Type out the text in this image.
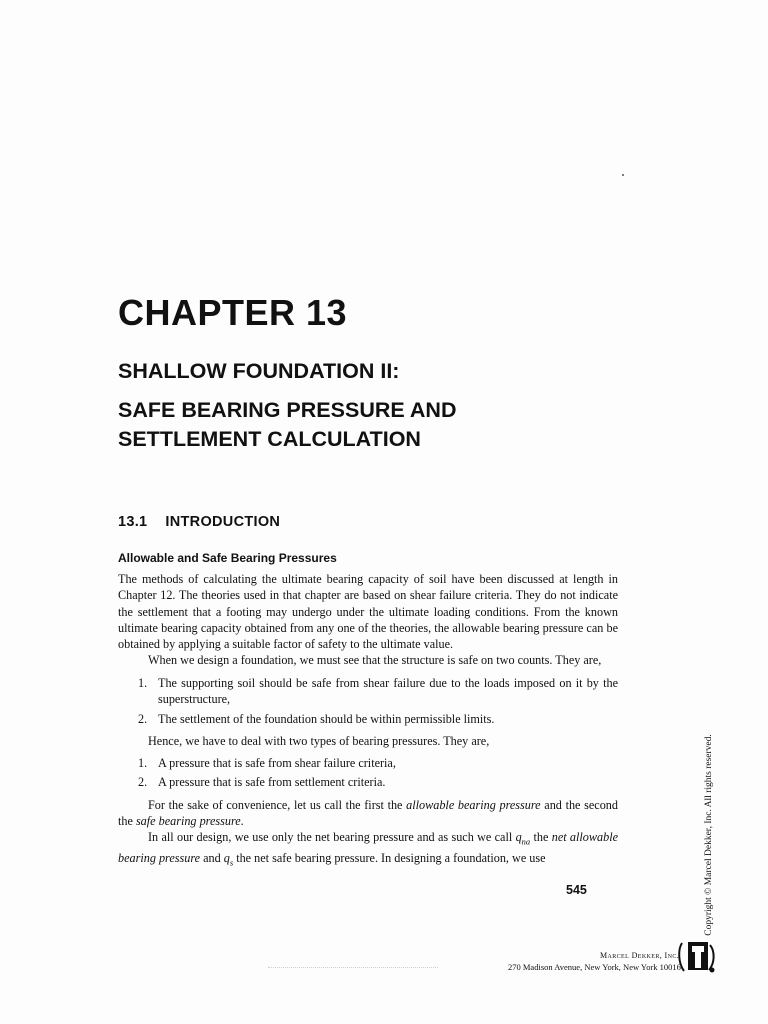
CHAPTER 13
SHALLOW FOUNDATION II:
SAFE BEARING PRESSURE AND
SETTLEMENT CALCULATION
13.1 INTRODUCTION
Allowable and Safe Bearing Pressures

The methods of calculating the ultimate bearing capacity of soil have been discussed at length in Chapter 12. The theories used in that chapter are based on shear failure criteria. They do not indicate the settlement that a footing may undergo under the ultimate loading conditions. From the known ultimate bearing capacity obtained from any one of the theories, the allowable bearing pressure can be obtained by applying a suitable factor of safety to the ultimate value.

When we design a foundation, we must see that the structure is safe on two counts. They are,

1. The supporting soil should be safe from shear failure due to the loads imposed on it by the superstructure,
2. The settlement of the foundation should be within permissible limits.

Hence, we have to deal with two types of bearing pressures. They are,

1. A pressure that is safe from shear failure criteria,
2. A pressure that is safe from settlement criteria.

For the sake of convenience, let us call the first the allowable bearing pressure and the second the safe bearing pressure.

In all our design, we use only the net bearing pressure and as such we call $q_{na}$ the net allowable bearing pressure and $q_s$ the net safe bearing pressure. In designing a foundation, we use

545	Copyright © Marcel Dekker, Inc. All rights reserved.
Marcel Dekker, Inc.
270 Madison Avenue, New York, New York 10016
